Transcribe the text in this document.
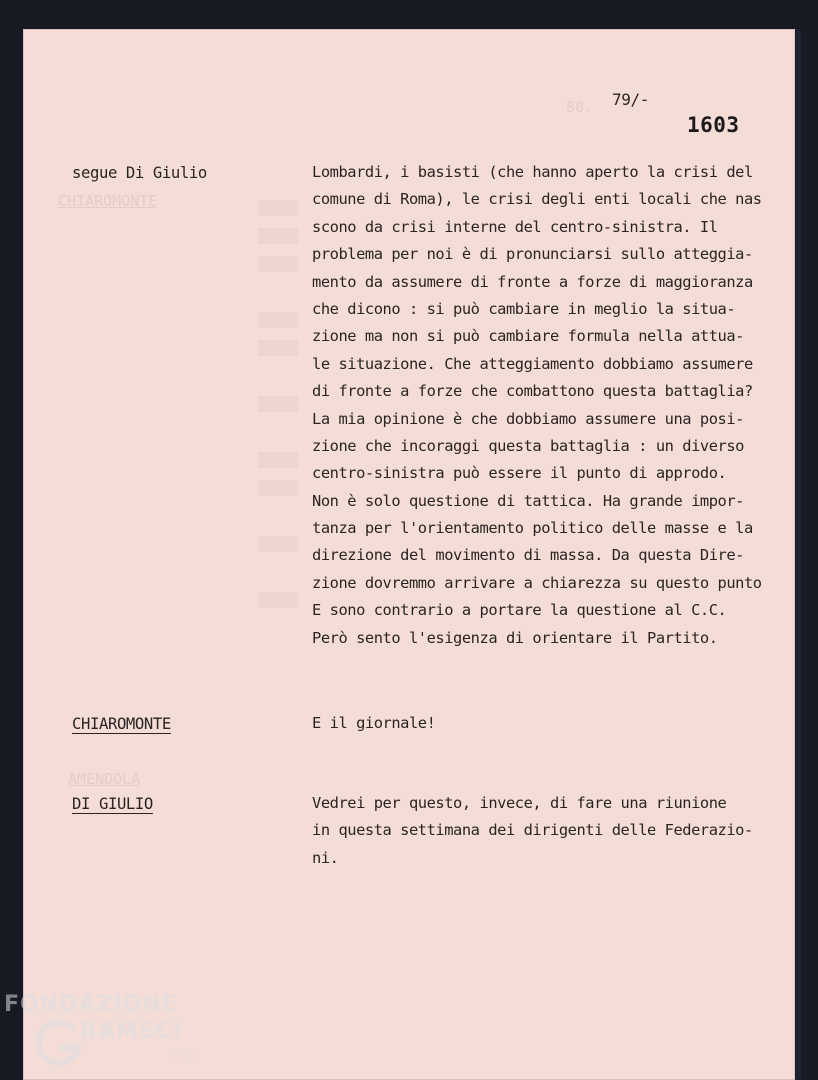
80.
CHIAROMONTE
AMENDOLA
79/-
1603
segue Di Giulio	Lombardi, i basisti (che hanno aperto la crisi del
comune di Roma), le crisi degli enti locali che nas
scono da crisi interne del centro-sinistra. Il
problema per noi è di pronunciarsi sullo atteggia-
mento da assumere di fronte a forze di maggioranza
che dicono : si può cambiare in meglio la situa-
zione ma non si può cambiare formula nella attua-
le situazione. Che atteggiamento dobbiamo assumere
di fronte a forze che combattono questa battaglia?
La mia opinione è che dobbiamo assumere una posi-
zione che incoraggi questa battaglia : un diverso
centro-sinistra può essere il punto di approdo.
Non è solo questione di tattica. Ha grande impor-
tanza per l'orientamento politico delle masse e la
direzione del movimento di massa. Da questa Dire-
zione dovremmo arrivare a chiarezza su questo punto
E sono contrario a portare la questione al C.C.
Però sento l'esigenza di orientare il Partito.
CHIAROMONTE	E il giornale!
DI GIULIO	Vedrei per questo, invece, di fare una riunione
in questa settimana dei dirigenti delle Federazio-
ni.
FONDAZIONE
RAMSCI
Onlus
